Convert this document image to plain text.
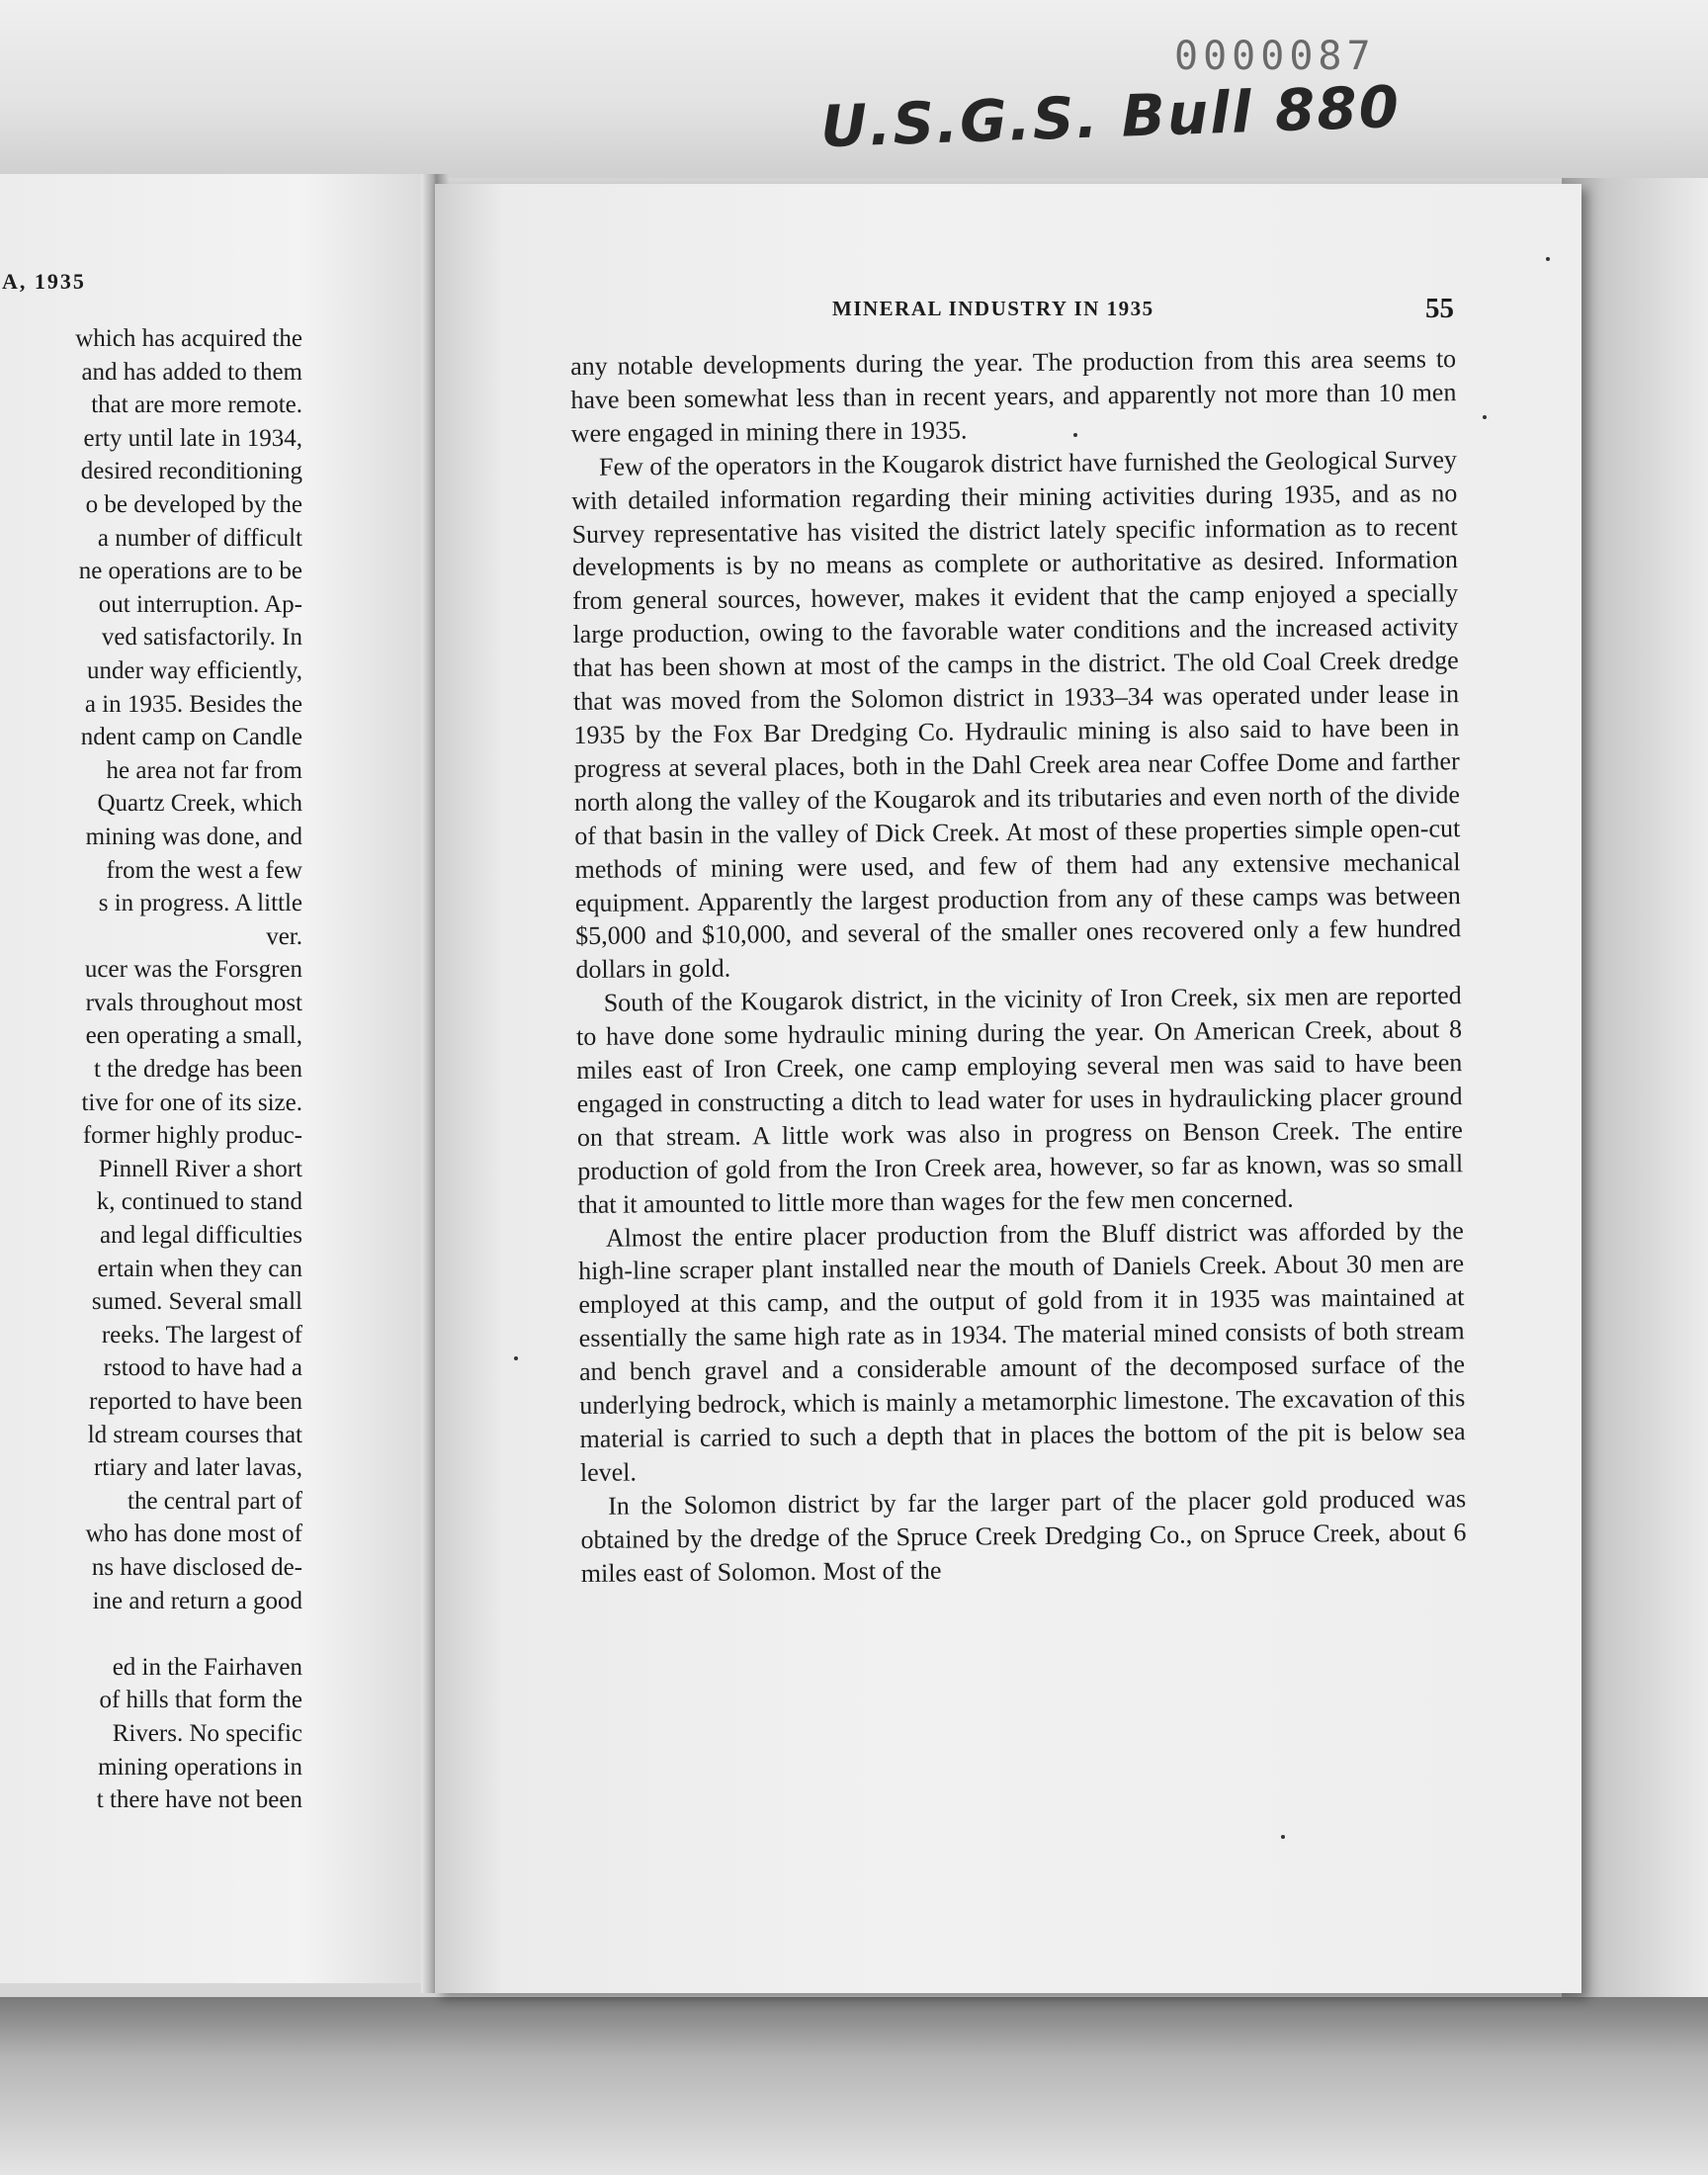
0000087
U.S.G.S. Bull 880
A, 1935
which has acquired the
and has added to them
that are more remote.
erty until late in 1934,
desired reconditioning
o be developed by the
a number of difficult
ne operations are to be
out interruption. Ap-
ved satisfactorily. In
under way efficiently,
a in 1935. Besides the
ndent camp on Candle
he area not far from
Quartz Creek, which
mining was done, and
from the west a few
s in progress. A little
ver.
ucer was the Forsgren
rvals throughout most
een operating a small,
t the dredge has been
tive for one of its size.
former highly produc-
Pinnell River a short
k, continued to stand
and legal difficulties
ertain when they can
sumed. Several small
reeks. The largest of
rstood to have had a
reported to have been
ld stream courses that
rtiary and later lavas,
the central part of
who has done most of
ns have disclosed de-
ine and return a good
ed in the Fairhaven
of hills that form the
Rivers. No specific
mining operations in
t there have not been
MINERAL INDUSTRY IN 1935	55

any notable developments during the year. The production from this area seems to have been somewhat less than in recent years, and apparently not more than 10 men were engaged in mining there in 1935.

Few of the operators in the Kougarok district have furnished the Geological Survey with detailed information regarding their mining activities during 1935, and as no Survey representative has visited the district lately specific information as to recent developments is by no means as complete or authoritative as desired. Information from general sources, however, makes it evident that the camp enjoyed a specially large production, owing to the favorable water conditions and the increased activity that has been shown at most of the camps in the district. The old Coal Creek dredge that was moved from the Solomon district in 1933–34 was operated under lease in 1935 by the Fox Bar Dredging Co. Hydraulic mining is also said to have been in progress at several places, both in the Dahl Creek area near Coffee Dome and farther north along the valley of the Kougarok and its tributaries and even north of the divide of that basin in the valley of Dick Creek. At most of these properties simple open-cut methods of mining were used, and few of them had any extensive mechanical equipment. Apparently the largest production from any of these camps was between $5,000 and $10,000, and several of the smaller ones recovered only a few hundred dollars in gold.

South of the Kougarok district, in the vicinity of Iron Creek, six men are reported to have done some hydraulic mining during the year. On American Creek, about 8 miles east of Iron Creek, one camp employing several men was said to have been engaged in constructing a ditch to lead water for uses in hydraulicking placer ground on that stream. A little work was also in progress on Benson Creek. The entire production of gold from the Iron Creek area, however, so far as known, was so small that it amounted to little more than wages for the few men concerned.

Almost the entire placer production from the Bluff district was afforded by the high-line scraper plant installed near the mouth of Daniels Creek. About 30 men are employed at this camp, and the output of gold from it in 1935 was maintained at essentially the same high rate as in 1934. The material mined consists of both stream and bench gravel and a considerable amount of the decomposed surface of the underlying bedrock, which is mainly a metamorphic limestone. The excavation of this material is carried to such a depth that in places the bottom of the pit is below sea level.

In the Solomon district by far the larger part of the placer gold produced was obtained by the dredge of the Spruce Creek Dredging Co., on Spruce Creek, about 6 miles east of Solomon. Most of the
